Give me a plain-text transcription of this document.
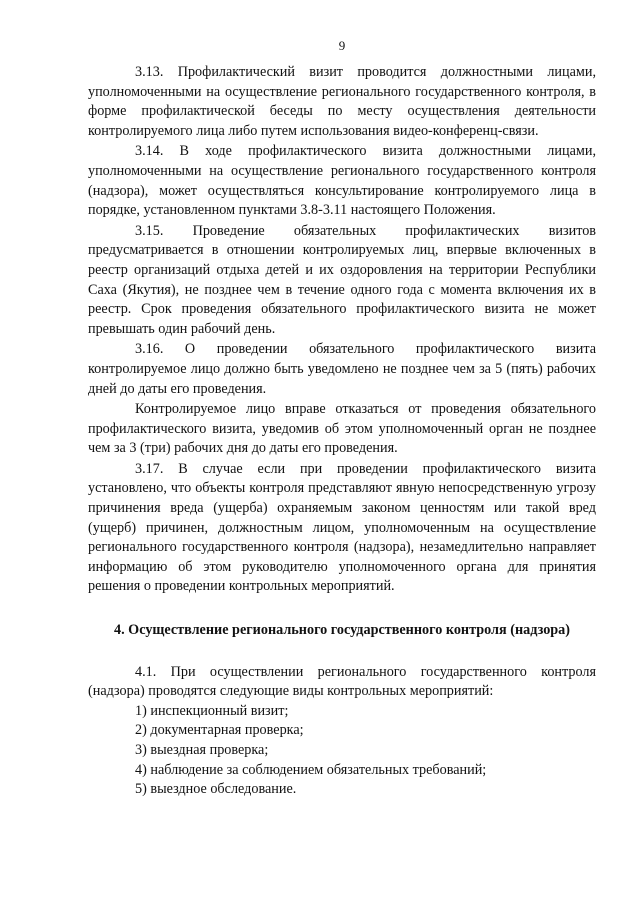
9

3.13. Профилактический визит проводится должностными лицами, уполномоченными на осуществление регионального государственного контроля, в форме профилактической беседы по месту осуществления деятельности контролируемого лица либо путем использования видео-конференц-связи.

3.14. В ходе профилактического визита должностными лицами, уполномоченными на осуществление регионального государственного контроля (надзора), может осуществляться консультирование контролируемого лица в порядке, установленном пунктами 3.8-3.11 настоящего Положения.

3.15. Проведение обязательных профилактических визитов предусматривается в отношении контролируемых лиц, впервые включенных в реестр организаций отдыха детей и их оздоровления на территории Республики Саха (Якутия), не позднее чем в течение одного года с момента включения их в реестр. Срок проведения обязательного профилактического визита не может превышать один рабочий день.

3.16. О проведении обязательного профилактического визита контролируемое лицо должно быть уведомлено не позднее чем за 5 (пять) рабочих дней до даты его проведения.

Контролируемое лицо вправе отказаться от проведения обязательного профилактического визита, уведомив об этом уполномоченный орган не позднее чем за 3 (три) рабочих дня до даты его проведения.

3.17. В случае если при проведении профилактического визита установлено, что объекты контроля представляют явную непосредственную угрозу причинения вреда (ущерба) охраняемым законом ценностям или такой вред (ущерб) причинен, должностным лицом, уполномоченным на осуществление регионального государственного контроля (надзора), незамедлительно направляет информацию об этом руководителю уполномоченного органа для принятия решения о проведении контрольных мероприятий.

4. Осуществление регионального государственного контроля (надзора)

4.1. При осуществлении регионального государственного контроля (надзора) проводятся следующие виды контрольных мероприятий:

1) инспекционный визит;

2) документарная проверка;

3) выездная проверка;

4) наблюдение за соблюдением обязательных требований;

5) выездное обследование.
